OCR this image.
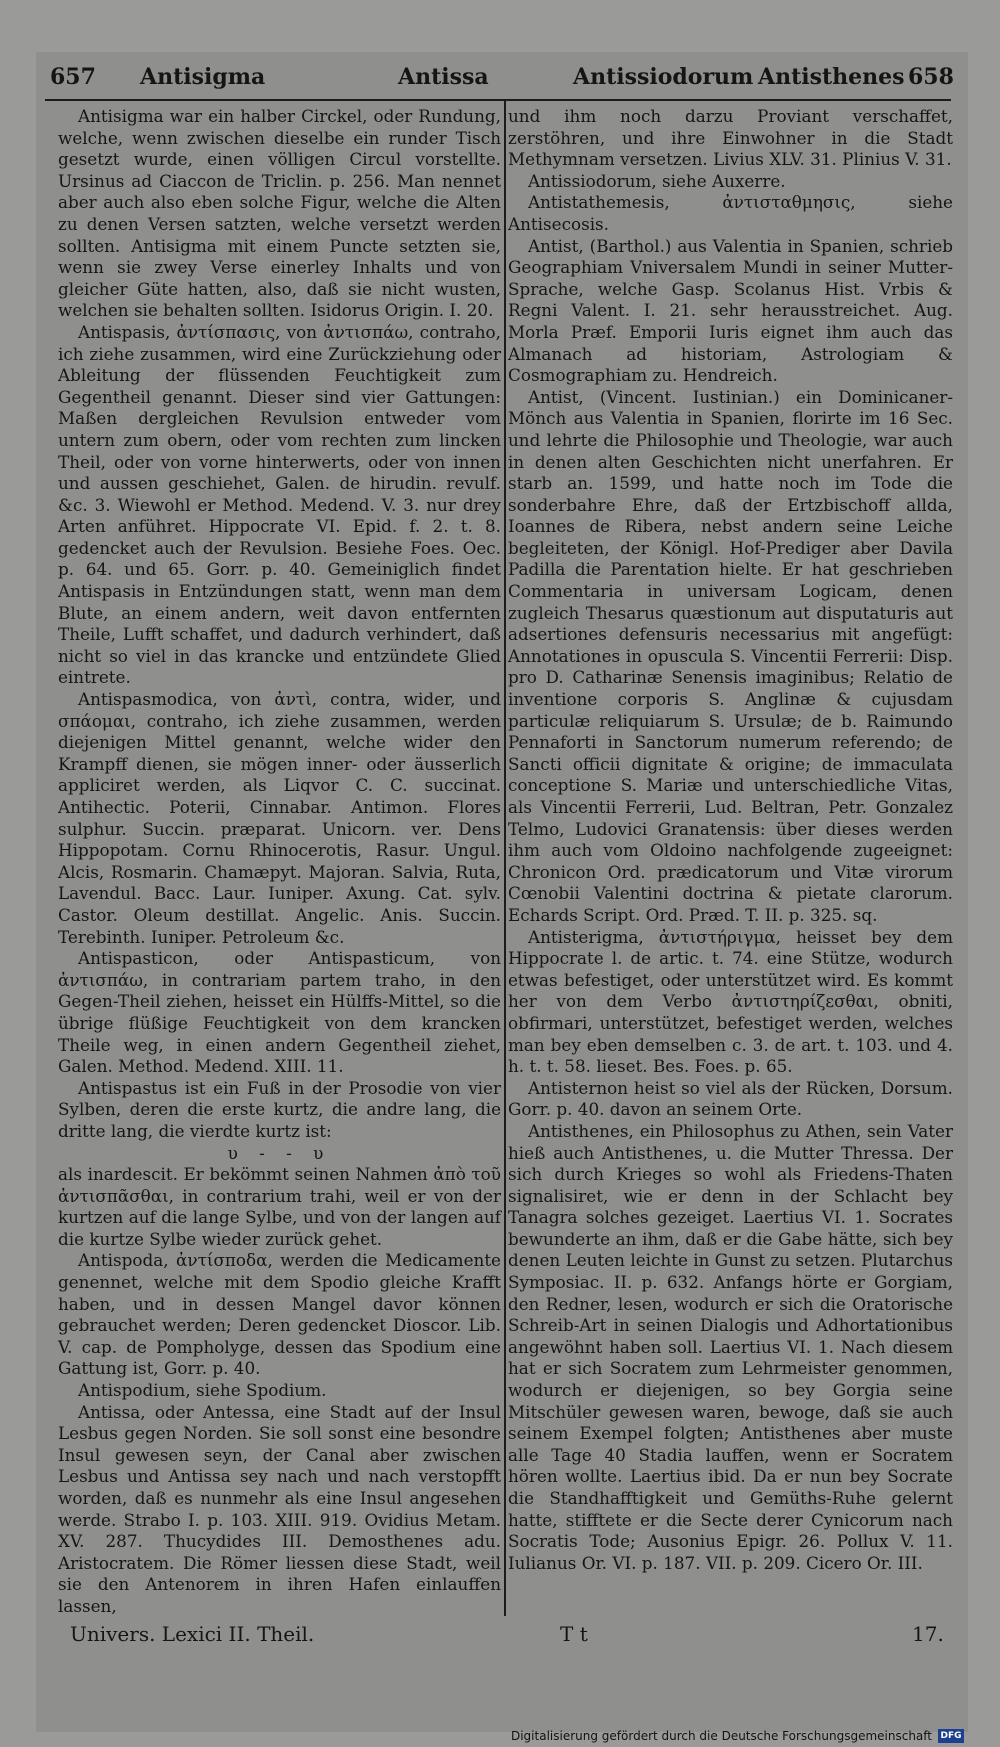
657 Antisigma	Antissa	Antissiodorum Antisthenes 658

Antisigma war ein halber Circkel, oder Rundung, welche, wenn zwischen dieselbe ein runder Tisch gesetzt wurde, einen völligen Circul vorstellte. Ursinus ad Ciaccon de Triclin. p. 256. Man nennet aber auch also eben solche Figur, welche die Alten zu denen Versen satzten, welche versetzt werden sollten. Antisigma mit einem Puncte setzten sie, wenn sie zwey Verse einerley Inhalts und von gleicher Güte hatten, also, daß sie nicht wusten, welchen sie behalten sollten. Isidorus Origin. I. 20.

Antispasis, ἀντίσπασις, von ἀντισπάω, contraho, ich ziehe zusammen, wird eine Zurückziehung oder Ableitung der flüssenden Feuchtigkeit zum Gegentheil genannt. Dieser sind vier Gattungen: Maßen dergleichen Revulsion entweder vom untern zum obern, oder vom rechten zum lincken Theil, oder von vorne hinterwerts, oder von innen und aussen geschiehet, Galen. de hirudin. revulf. &c. 3. Wiewohl er Method. Medend. V. 3. nur drey Arten anführet. Hippocrate VI. Epid. f. 2. t. 8. gedencket auch der Revulsion. Besiehe Foes. Oec. p. 64. und 65. Gorr. p. 40. Gemeiniglich findet Antispasis in Entzündungen statt, wenn man dem Blute, an einem andern, weit davon entfernten Theile, Lufft schaffet, und dadurch verhindert, daß nicht so viel in das krancke und entzündete Glied eintrete.

Antispasmodica, von ἀντὶ, contra, wider, und σπάομαι, contraho, ich ziehe zusammen, werden diejenigen Mittel genannt, welche wider den Krampff dienen, sie mögen inner- oder äusserlich appliciret werden, als Liqvor C. C. succinat. Antihectic. Poterii, Cinnabar. Antimon. Flores sulphur. Succin. præparat. Unicorn. ver. Dens Hippopotam. Cornu Rhinocerotis, Rasur. Ungul. Alcis, Rosmarin. Chamæpyt. Majoran. Salvia, Ruta, Lavendul. Bacc. Laur. Iuniper. Axung. Cat. sylv. Castor. Oleum destillat. Angelic. Anis. Succin. Terebinth. Iuniper. Petroleum &c.

Antispasticon, oder Antispasticum, von ἀντισπάω, in contrariam partem traho, in den Gegen-Theil ziehen, heisset ein Hülffs-Mittel, so die übrige flüßige Feuchtigkeit von dem krancken Theile weg, in einen andern Gegentheil ziehet, Galen. Method. Medend. XIII. 11.

Antispastus ist ein Fuß in der Prosodie von vier Sylben, deren die erste kurtz, die andre lang, die dritte lang, die vierdte kurtz ist:

υ - - υ

als inardescit. Er bekömmt seinen Nahmen ἀπὸ τοῦ ἀντισπᾶσθαι, in contrarium trahi, weil er von der kurtzen auf die lange Sylbe, und von der langen auf die kurtze Sylbe wieder zurück gehet.

Antispoda, ἀντίσποδα, werden die Medicamente genennet, welche mit dem Spodio gleiche Krafft haben, und in dessen Mangel davor können gebrauchet werden; Deren gedencket Dioscor. Lib. V. cap. de Pompholyge, dessen das Spodium eine Gattung ist, Gorr. p. 40.

Antispodium, siehe Spodium.

Antissa, oder Antessa, eine Stadt auf der Insul Lesbus gegen Norden. Sie soll sonst eine besondre Insul gewesen seyn, der Canal aber zwischen Lesbus und Antissa sey nach und nach verstopfft worden, daß es nunmehr als eine Insul angesehen werde. Strabo I. p. 103. XIII. 919. Ovidius Metam. XV. 287. Thucydides III. Demosthenes adu. Aristocratem. Die Römer liessen diese Stadt, weil sie den Antenorem in ihren Hafen einlauffen lassen,

und ihm noch darzu Proviant verschaffet, zerstöhren, und ihre Einwohner in die Stadt Methymnam versetzen. Livius XLV. 31. Plinius V. 31.

Antissiodorum, siehe Auxerre.

Antistathemesis, ἀντισταθμησις, siehe Antisecosis.

Antist, (Barthol.) aus Valentia in Spanien, schrieb Geographiam Vniversalem Mundi in seiner Mutter-Sprache, welche Gasp. Scolanus Hist. Vrbis & Regni Valent. I. 21. sehr herausstreichet. Aug. Morla Præf. Emporii Iuris eignet ihm auch das Almanach ad historiam, Astrologiam & Cosmographiam zu. Hendreich.

Antist, (Vincent. Iustinian.) ein Dominicaner-Mönch aus Valentia in Spanien, florirte im 16 Sec. und lehrte die Philosophie und Theologie, war auch in denen alten Geschichten nicht unerfahren. Er starb an. 1599, und hatte noch im Tode die sonderbahre Ehre, daß der Ertzbischoff allda, Ioannes de Ribera, nebst andern seine Leiche begleiteten, der Königl. Hof-Prediger aber Davila Padilla die Parentation hielte. Er hat geschrieben Commentaria in universam Logicam, denen zugleich Thesarus quæstionum aut disputaturis aut adsertiones defensuris necessarius mit angefügt: Annotationes in opuscula S. Vincentii Ferrerii: Disp. pro D. Catharinæ Senensis imaginibus; Relatio de inventione corporis S. Anglinæ & cujusdam particulæ reliquiarum S. Ursulæ; de b. Raimundo Pennaforti in Sanctorum numerum referendo; de Sancti officii dignitate & origine; de immaculata conceptione S. Mariæ und unterschiedliche Vitas, als Vincentii Ferrerii, Lud. Beltran, Petr. Gonzalez Telmo, Ludovici Granatensis: über dieses werden ihm auch vom Oldoino nachfolgende zugeeignet: Chronicon Ord. prædicatorum und Vitæ virorum Cœnobii Valentini doctrina & pietate clarorum. Echards Script. Ord. Præd. T. II. p. 325. sq.

Antisterigma, ἀντιστήριγμα, heisset bey dem Hippocrate l. de artic. t. 74. eine Stütze, wodurch etwas befestiget, oder unterstützet wird. Es kommt her von dem Verbo ἀντιστηρίζεσθαι, obniti, obfirmari, unterstützet, befestiget werden, welches man bey eben demselben c. 3. de art. t. 103. und 4. h. t. t. 58. lieset. Bes. Foes. p. 65.

Antisternon heist so viel als der Rücken, Dorsum. Gorr. p. 40. davon an seinem Orte.

Antisthenes, ein Philosophus zu Athen, sein Vater hieß auch Antisthenes, u. die Mutter Thressa. Der sich durch Krieges so wohl als Friedens-Thaten signalisiret, wie er denn in der Schlacht bey Tanagra solches gezeiget. Laertius VI. 1. Socrates bewunderte an ihm, daß er die Gabe hätte, sich bey denen Leuten leichte in Gunst zu setzen. Plutarchus Symposiac. II. p. 632. Anfangs hörte er Gorgiam, den Redner, lesen, wodurch er sich die Oratorische Schreib-Art in seinen Dialogis und Adhortationibus angewöhnt haben soll. Laertius VI. 1. Nach diesem hat er sich Socratem zum Lehrmeister genommen, wodurch er diejenigen, so bey Gorgia seine Mitschüler gewesen waren, bewoge, daß sie auch seinem Exempel folgten; Antisthenes aber muste alle Tage 40 Stadia lauffen, wenn er Socratem hören wollte. Laertius ibid. Da er nun bey Socrate die Standhafftigkeit und Gemüths-Ruhe gelernt hatte, stifftete er die Secte derer Cynicorum nach Socratis Tode; Ausonius Epigr. 26. Pollux V. 11. Iulianus Or. VI. p. 187. VII. p. 209. Cicero Or. III.

Univers. Lexici II. Theil.	T t	17.
Digitalisierung gefördert durch die Deutsche Forschungsgemeinschaft DFG
